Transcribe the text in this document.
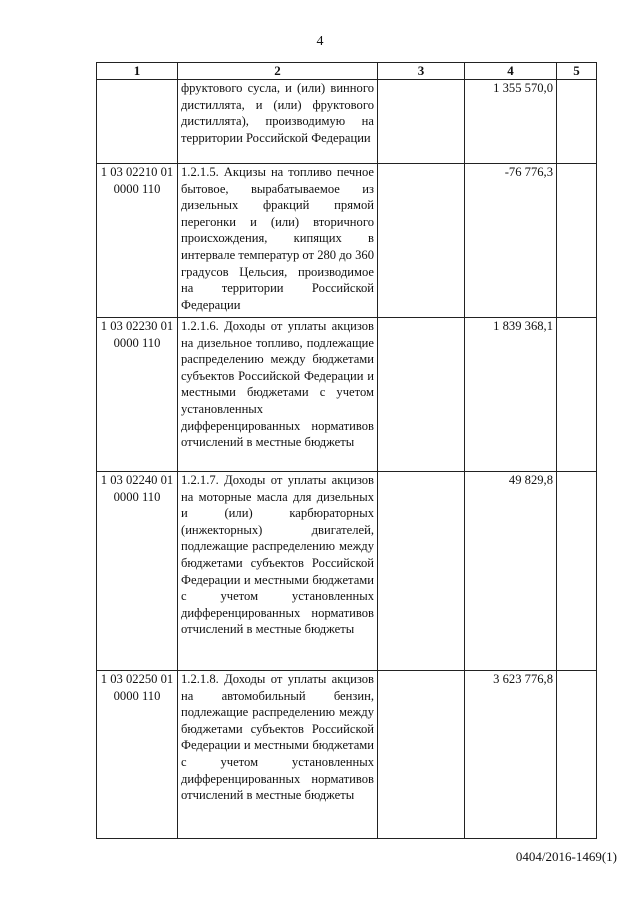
4
1	2	3	4	5
	фруктового сусла, и (или) винного дистиллята, и (или) фруктового дистиллята), производимую на территории Российской Федерации		1 355 570,0	
1 03 02210 01 0000 110	1.2.1.5. Акцизы на топливо печное бытовое, вырабатываемое из дизельных фракций прямой перегонки и (или) вторичного происхождения, кипящих в интервале температур от 280 до 360 градусов Цельсия, производимое на территории Российской Федерации		-76 776,3	
1 03 02230 01 0000 110	1.2.1.6. Доходы от уплаты акцизов на дизельное топливо, подлежащие распределению между бюджетами субъектов Российской Федерации и местными бюджетами с учетом установленных дифференцированных нормативов отчислений в местные бюджеты		1 839 368,1	
1 03 02240 01 0000 110	1.2.1.7. Доходы от уплаты акцизов на моторные масла для дизельных и (или) карбюраторных (инжекторных) двигателей, подлежащие распределению между бюджетами субъектов Российской Федерации и местными бюджетами с учетом установленных дифференцированных нормативов отчислений в местные бюджеты		49 829,8	
1 03 02250 01 0000 110	1.2.1.8. Доходы от уплаты акцизов на автомобильный бензин, подлежащие распределению между бюджетами субъектов Российской Федерации и местными бюджетами с учетом установленных дифференцированных нормативов отчислений в местные бюджеты		3 623 776,8	
0404/2016-1469(1)
